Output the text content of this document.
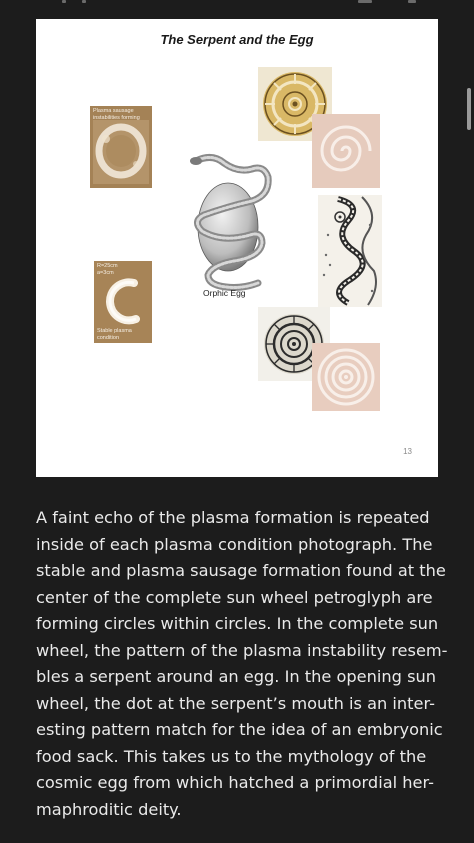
The Serpent and the Egg
Plasma sausage
instabilities forming
R=25cm
a=3cm
Stable plasma
condition
Orphic Egg
13

A faint echo of the plasma formation is repeated
inside of each plasma condition photograph. The
stable and plasma sausage formation found at the
center of the complete sun wheel petroglyph are
forming circles within circles. In the complete sun
wheel, the pattern of the plasma instability resem-
bles a serpent around an egg. In the opening sun
wheel, the dot at the serpent’s mouth is an inter-
esting pattern match for the idea of an embryonic
food sack. This takes us to the mythology of the
cosmic egg from which hatched a primordial her-
maphroditic deity.
